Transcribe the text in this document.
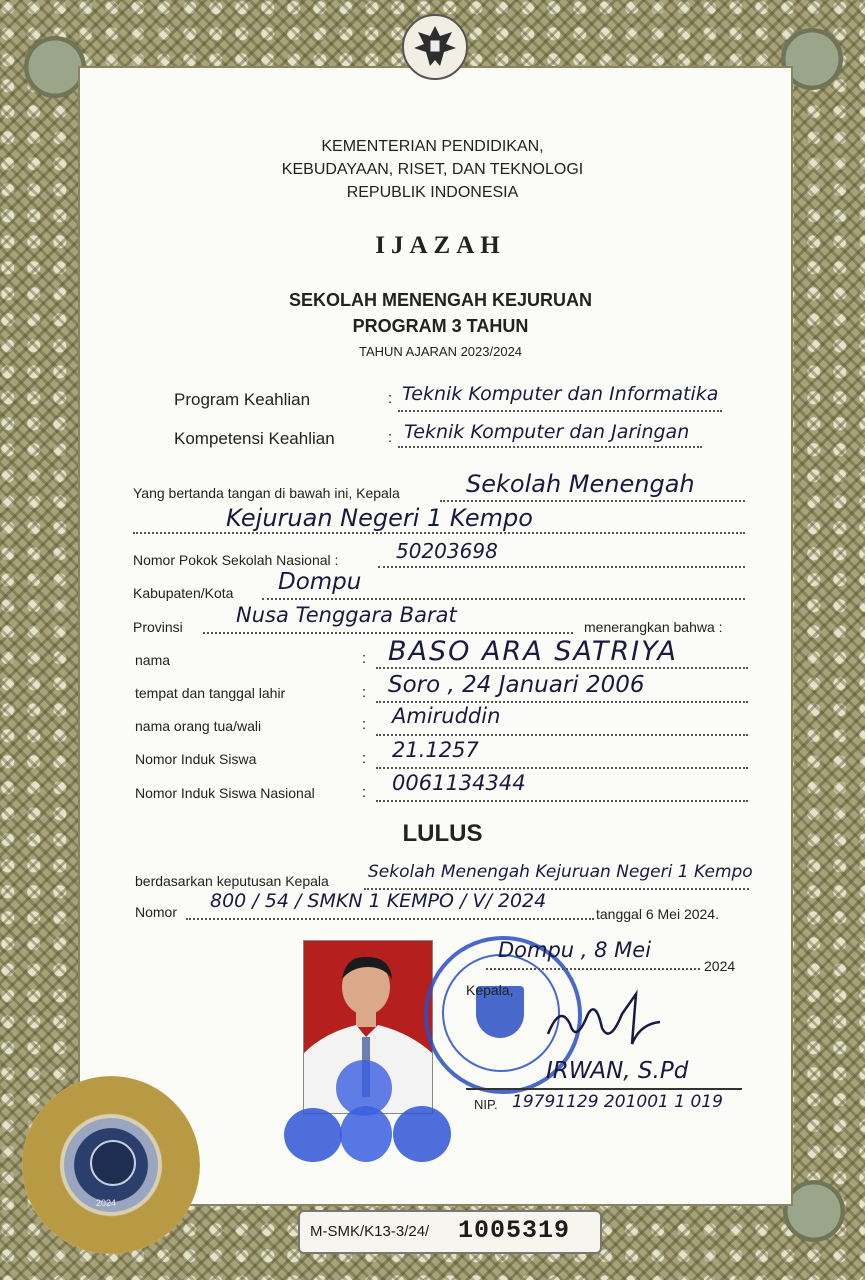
KEMENTERIAN PENDIDIKAN,
KEBUDAYAAN, RISET, DAN TEKNOLOGI
REPUBLIK INDONESIA
IJAZAH
SEKOLAH MENENGAH KEJURUAN
PROGRAM 3 TAHUN
TAHUN AJARAN 2023/2024
Program Keahlian	: Teknik Komputer dan Informatika
Kompetensi Keahlian	: Teknik Komputer dan Jaringan
Yang bertanda tangan di bawah ini, Kepala	Sekolah Menengah
Kejuruan Negeri 1 Kempo
Nomor Pokok Sekolah Nasional :	50203698
Kabupaten/Kota Dompu
Provinsi	Nusa Tenggara Barat	menerangkan bahwa :
nama	: BASO ARA SATRIYA
tempat dan tanggal lahir	: Soro , 24 Januari 2006
nama orang tua/wali	: Amiruddin
Nomor Induk Siswa	: 21.1257
Nomor Induk Siswa Nasional	: 0061134344
LULUS
berdasarkan keputusan Kepala Sekolah Menengah Kejuruan Negeri 1 Kempo
Nomor 800 / 54 / SMKN 1 KEMPO / V/ 2024
tanggal 6 Mei 2024.
Dompu , 8 Mei
2024
Kepala,
IRWAN, S.Pd
NIP. 19791129 201001 1 019
2024
M-SMK/K13-3/24/ 1005319
